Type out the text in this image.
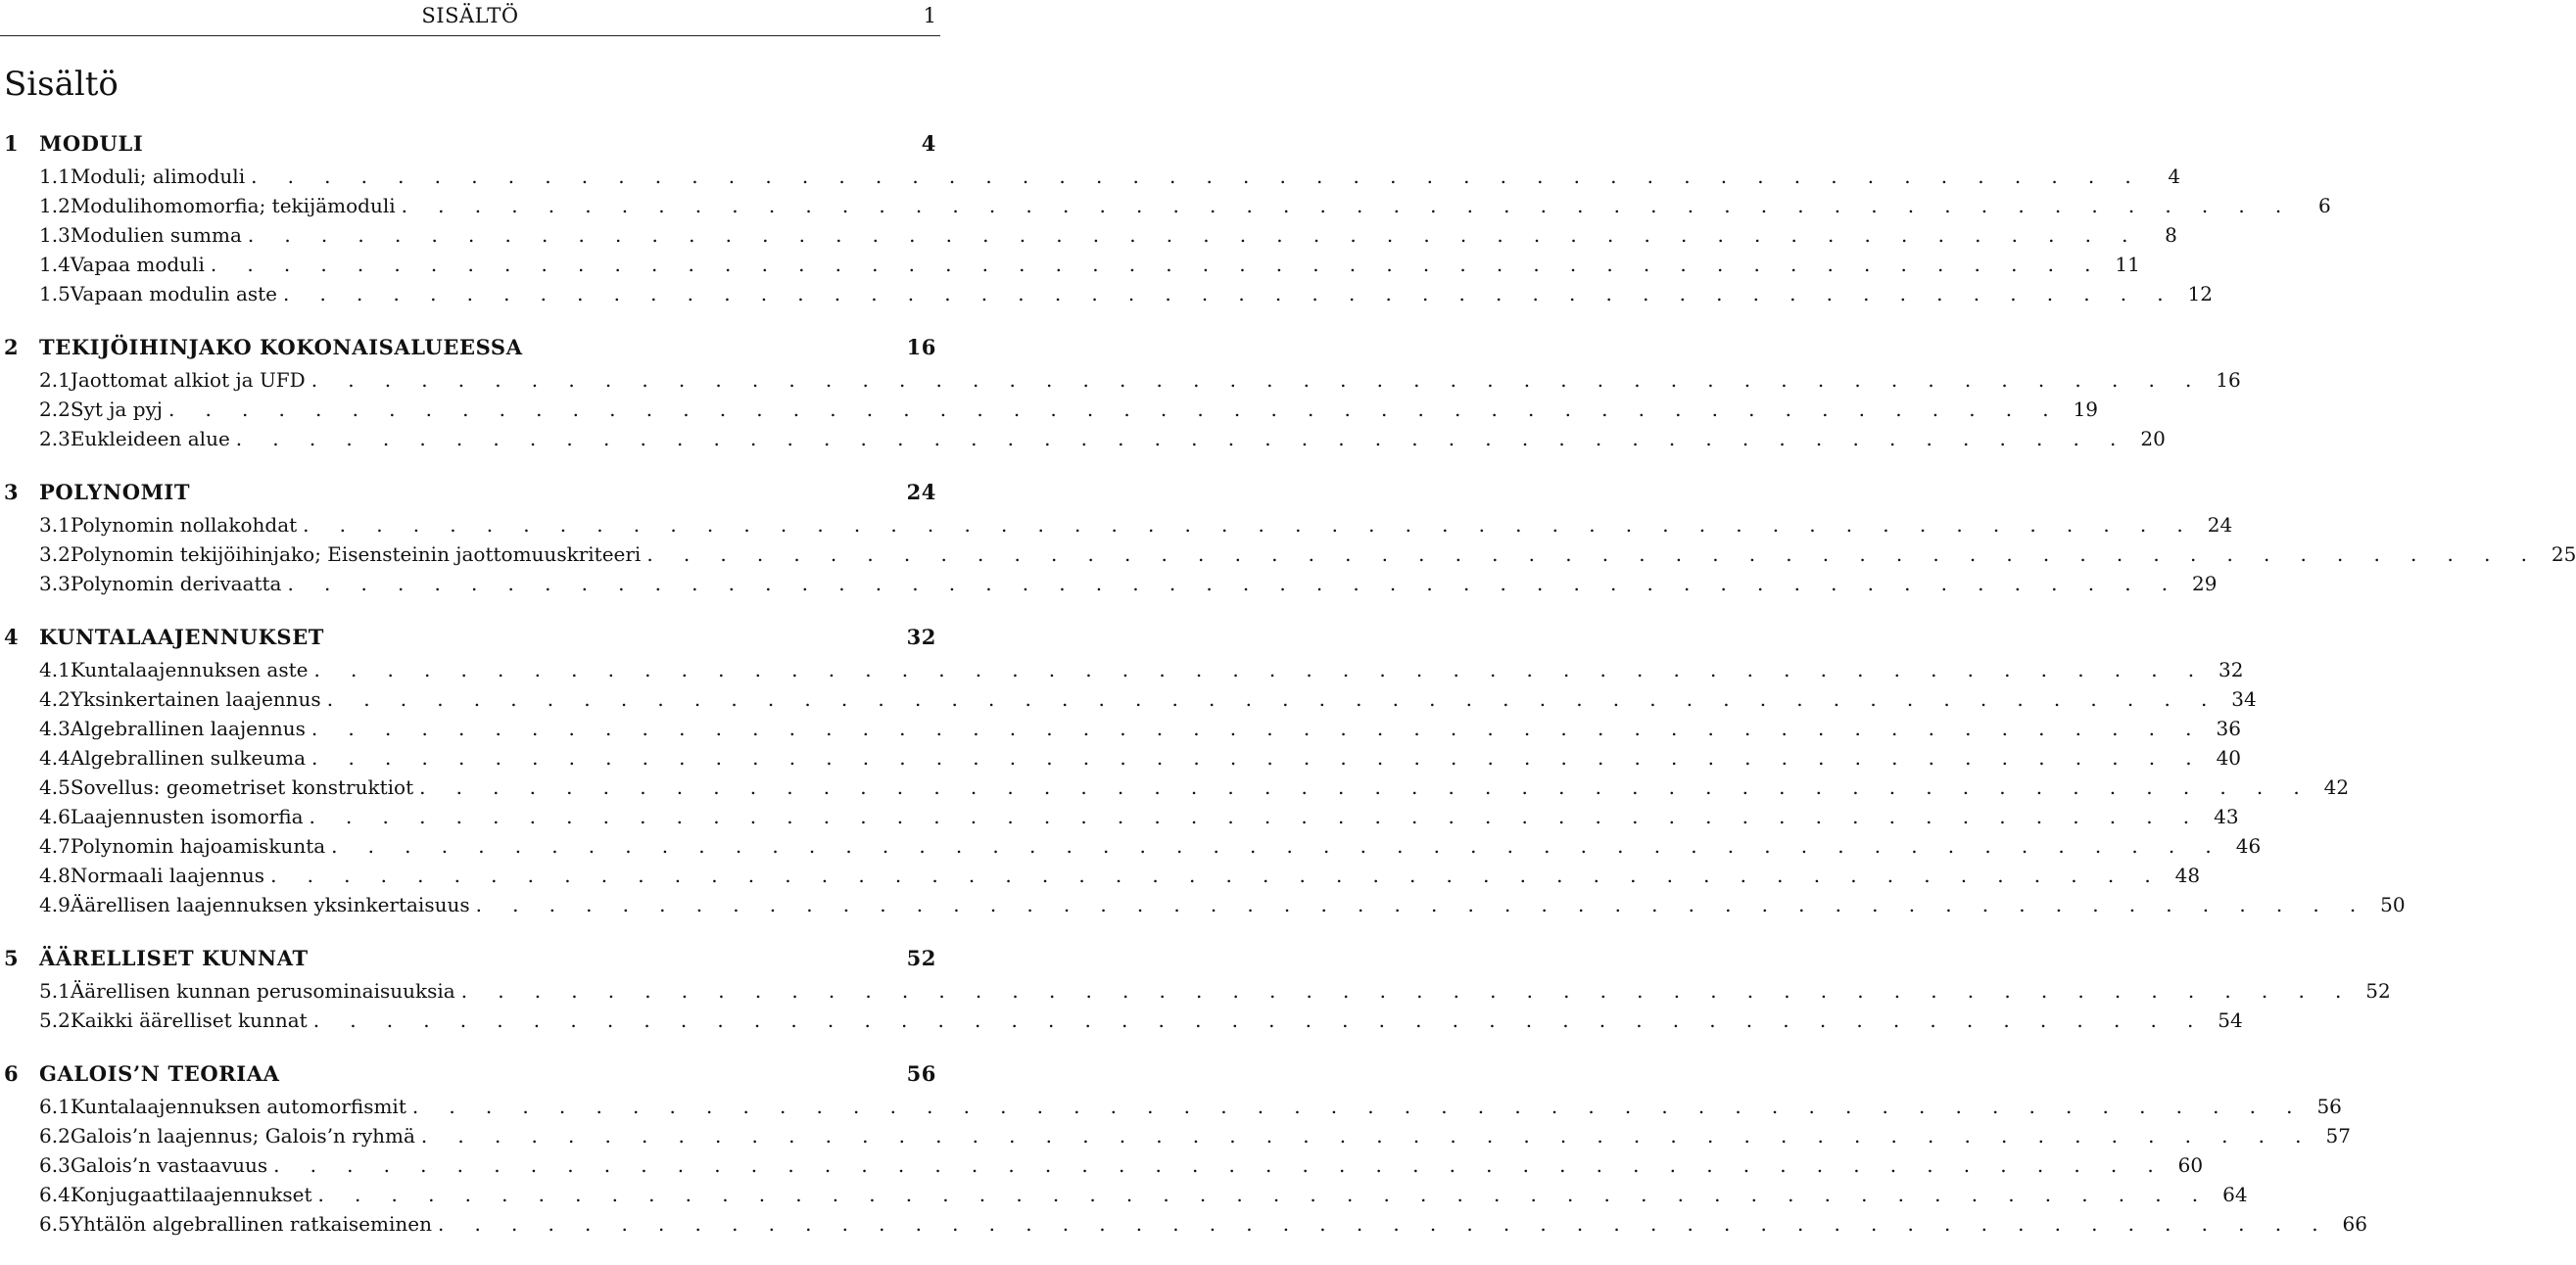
SISÄLTÖ	1
Sisältö
1 MODULI	4
1.1 Moduli; alimoduli . . . . . . . . . . . . . . . . . . . . . . . . . . . . . . . . . . . . . . . . . . . . . . . . . . . .	4
1.2 Modulihomomorfia; tekijämoduli . . . . . . . . . . . . . . . . . . . . . . . . . . . . . . . . . . . . . . . . . . . . . . . . . . . .	6
1.3 Modulien summa . . . . . . . . . . . . . . . . . . . . . . . . . . . . . . . . . . . . . . . . . . . . . . . . . . . .	8
1.4 Vapaa moduli . . . . . . . . . . . . . . . . . . . . . . . . . . . . . . . . . . . . . . . . . . . . . . . . . . . . 11
1.5 Vapaan modulin aste . . . . . . . . . . . . . . . . . . . . . . . . . . . . . . . . . . . . . . . . . . . . . . . . . . . . 12
2 TEKIJÖIHINJAKO KOKONAISALUEESSA	16
2.1 Jaottomat alkiot ja UFD . . . . . . . . . . . . . . . . . . . . . . . . . . . . . . . . . . . . . . . . . . . . . . . . . . . . 16
2.2 Syt ja pyj . . . . . . . . . . . . . . . . . . . . . . . . . . . . . . . . . . . . . . . . . . . . . . . . . . . . 19
2.3 Eukleideen alue . . . . . . . . . . . . . . . . . . . . . . . . . . . . . . . . . . . . . . . . . . . . . . . . . . . . 20
3 POLYNOMIT	24
3.1 Polynomin nollakohdat . . . . . . . . . . . . . . . . . . . . . . . . . . . . . . . . . . . . . . . . . . . . . . . . . . . . 24
3.2 Polynomin tekijöihinjako; Eisensteinin jaottomuuskriteeri . . . . . . . . . . . . . . . . . . . . . . . . . . . . . . . . . . . . . . . . . . . . . . . . . . . . 25
3.3 Polynomin derivaatta . . . . . . . . . . . . . . . . . . . . . . . . . . . . . . . . . . . . . . . . . . . . . . . . . . . . 29
4 KUNTALAAJENNUKSET	32
4.1 Kuntalaajennuksen aste . . . . . . . . . . . . . . . . . . . . . . . . . . . . . . . . . . . . . . . . . . . . . . . . . . . . 32
4.2 Yksinkertainen laajennus . . . . . . . . . . . . . . . . . . . . . . . . . . . . . . . . . . . . . . . . . . . . . . . . . . . . 34
4.3 Algebrallinen laajennus . . . . . . . . . . . . . . . . . . . . . . . . . . . . . . . . . . . . . . . . . . . . . . . . . . . . 36
4.4 Algebrallinen sulkeuma . . . . . . . . . . . . . . . . . . . . . . . . . . . . . . . . . . . . . . . . . . . . . . . . . . . . 40
4.5 Sovellus: geometriset konstruktiot . . . . . . . . . . . . . . . . . . . . . . . . . . . . . . . . . . . . . . . . . . . . . . . . . . . . 42
4.6 Laajennusten isomorfia . . . . . . . . . . . . . . . . . . . . . . . . . . . . . . . . . . . . . . . . . . . . . . . . . . . . 43
4.7 Polynomin hajoamiskunta . . . . . . . . . . . . . . . . . . . . . . . . . . . . . . . . . . . . . . . . . . . . . . . . . . . . 46
4.8 Normaali laajennus . . . . . . . . . . . . . . . . . . . . . . . . . . . . . . . . . . . . . . . . . . . . . . . . . . . . 48
4.9 Äärellisen laajennuksen yksinkertaisuus . . . . . . . . . . . . . . . . . . . . . . . . . . . . . . . . . . . . . . . . . . . . . . . . . . . . 50
5 ÄÄRELLISET KUNNAT	52
5.1 Äärellisen kunnan perusominaisuuksia . . . . . . . . . . . . . . . . . . . . . . . . . . . . . . . . . . . . . . . . . . . . . . . . . . . . 52
5.2 Kaikki äärelliset kunnat . . . . . . . . . . . . . . . . . . . . . . . . . . . . . . . . . . . . . . . . . . . . . . . . . . . . 54
6 GALOIS’N TEORIAA	56
6.1 Kuntalaajennuksen automorfismit . . . . . . . . . . . . . . . . . . . . . . . . . . . . . . . . . . . . . . . . . . . . . . . . . . . . 56
6.2 Galois’n laajennus; Galois’n ryhmä . . . . . . . . . . . . . . . . . . . . . . . . . . . . . . . . . . . . . . . . . . . . . . . . . . . . 57
6.3 Galois’n vastaavuus . . . . . . . . . . . . . . . . . . . . . . . . . . . . . . . . . . . . . . . . . . . . . . . . . . . . 60
6.4 Konjugaattilaajennukset . . . . . . . . . . . . . . . . . . . . . . . . . . . . . . . . . . . . . . . . . . . . . . . . . . . . 64
6.5 Yhtälön algebrallinen ratkaiseminen . . . . . . . . . . . . . . . . . . . . . . . . . . . . . . . . . . . . . . . . . . . . . . . . . . . . 66
